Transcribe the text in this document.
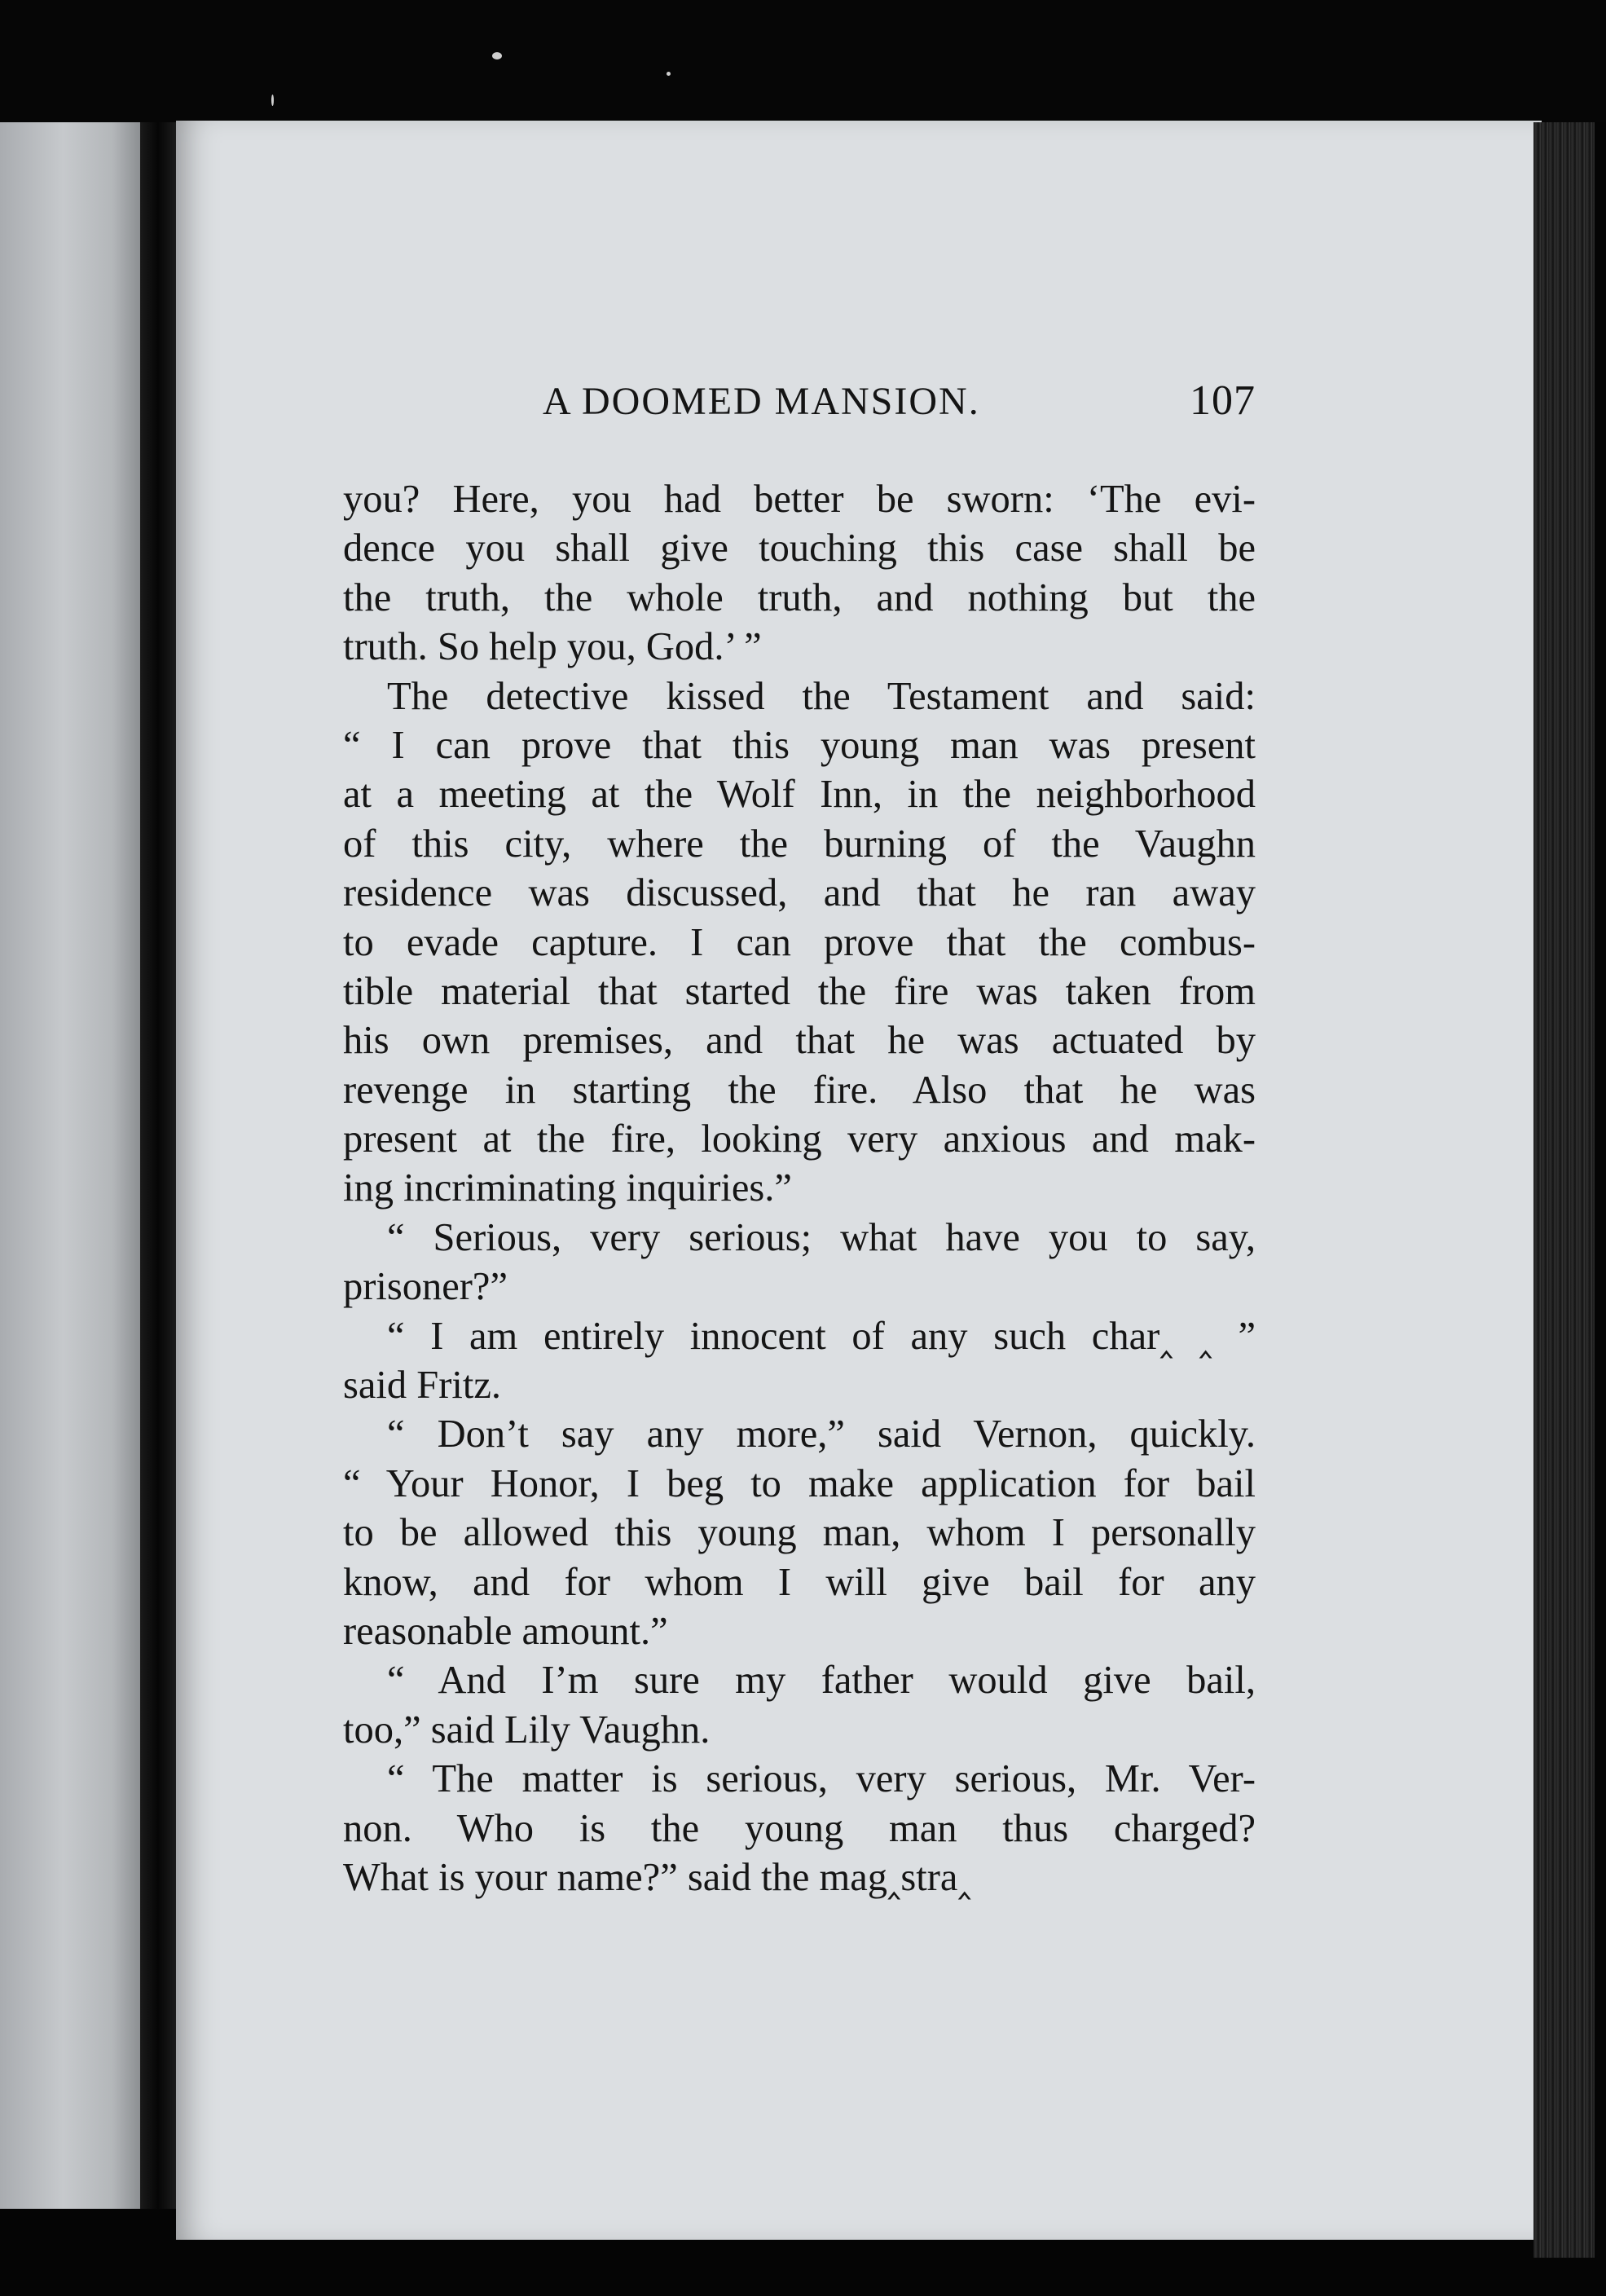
A DOOMED MANSION.	107
you? Here, you had better be sworn: ‘The evi-
dence you shall give touching this case shall be
the truth, the whole truth, and nothing but the
truth. So help you, God.’ ”
The detective kissed the Testament and said:
“ I can prove that this young man was present
at a meeting at the Wolf Inn, in the neighborhood
of this city, where the burning of the Vaughn
residence was discussed, and that he ran away
to evade capture. I can prove that the combus-
tible material that started the fire was taken from
his own premises, and that he was actuated by
revenge in starting the fire. Also that he was
present at the fire, looking very anxious and mak-
ing incriminating inquiries.”
“ Serious, very serious; what have you to say,
prisoner?”
“ I am entirely innocent of any such char‸ ‸ ”
said Fritz.
“ Don’t say any more,” said Vernon, quickly.
“ Your Honor, I beg to make application for bail
to be allowed this young man, whom I personally
know, and for whom I will give bail for any
reasonable amount.”
“ And I’m sure my father would give bail,
too,” said Lily Vaughn.
“ The matter is serious, very serious, Mr. Ver-
non. Who is the young man thus charged?
What is your name?” said the mag‸stra‸
